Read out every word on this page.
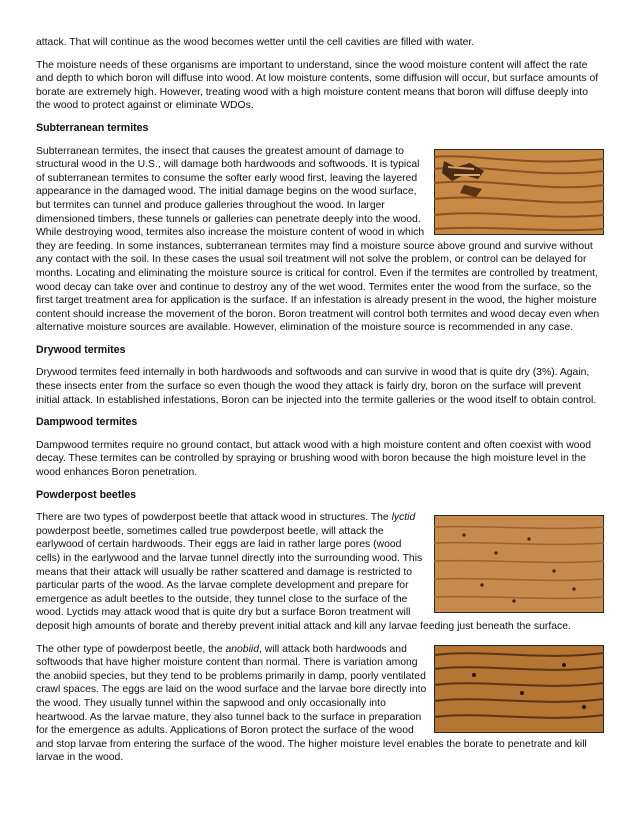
attack. That will continue as the wood becomes wetter until the cell cavities are filled with water.

The moisture needs of these organisms are important to understand, since the wood moisture content will affect the rate and depth to which boron will diffuse into wood. At low moisture contents, some diffusion will occur, but surface amounts of borate are extremely high. However, treating wood with a high moisture content means that boron will diffuse deeply into the wood to protect against or eliminate WDOs.

Subterranean termites

Subterranean termites, the insect that causes the greatest amount of damage to structural wood in the U.S., will damage both hardwoods and softwoods. It is typical of subterranean termites to consume the softer early wood first, leaving the layered appearance in the damaged wood. The initial damage begins on the wood surface, but termites can tunnel and produce galleries throughout the wood. In larger dimensioned timbers, these tunnels or galleries can penetrate deeply into the wood. While destroying wood, termites also increase the moisture content of wood in which they are feeding. In some instances, subterranean termites may find a moisture source above ground and survive without any contact with the soil. In these cases the usual soil treatment will not solve the problem, or control can be delayed for months. Locating and eliminating the moisture source is critical for control. Even if the termites are controlled by treatment, wood decay can take over and continue to destroy any of the wet wood. Termites enter the wood from the surface, so the first target treatment area for application is the surface. If an infestation is already present in the wood, the higher moisture content should increase the movement of the boron. Boron treatment will control both termites and wood decay even when alternative moisture sources are available. However, elimination of the moisture source is recommended in any case.

Drywood termites

Drywood termites feed internally in both hardwoods and softwoods and can survive in wood that is quite dry (3%). Again, these insects enter from the surface so even though the wood they attack is fairly dry, boron on the surface will prevent initial attack. In established infestations, Boron can be injected into the termite galleries or the wood itself to obtain control.

Dampwood termites

Dampwood termites require no ground contact, but attack wood with a high moisture content and often coexist with wood decay. These termites can be controlled by spraying or brushing wood with boron because the high moisture level in the wood enhances Boron penetration.

Powderpost beetles

There are two types of powderpost beetle that attack wood in structures. The lyctid powderpost beetle, sometimes called true powderpost beetle, will attack the earlywood of certain hardwoods. Their eggs are laid in rather large pores (wood cells) in the earlywood and the larvae tunnel directly into the surrounding wood. This means that their attack will usually be rather scattered and damage is restricted to particular parts of the wood. As the larvae complete development and prepare for emergence as adult beetles to the outside, they tunnel close to the surface of the wood. Lyctids may attack wood that is quite dry but a surface Boron treatment will deposit high amounts of borate and thereby prevent initial attack and kill any larvae feeding just beneath the surface.

The other type of powderpost beetle, the anobiid, will attack both hardwoods and softwoods that have higher moisture content than normal. There is variation among the anobiid species, but they tend to be problems primarily in damp, poorly ventilated crawl spaces. The eggs are laid on the wood surface and the larvae bore directly into the wood. They usually tunnel within the sapwood and only occasionally into heartwood. As the larvae mature, they also tunnel back to the surface in preparation for the emergence as adults. Applications of Boron protect the surface of the wood and stop larvae from entering the surface of the wood. The higher moisture level enables the borate to penetrate and kill larvae in the wood.
